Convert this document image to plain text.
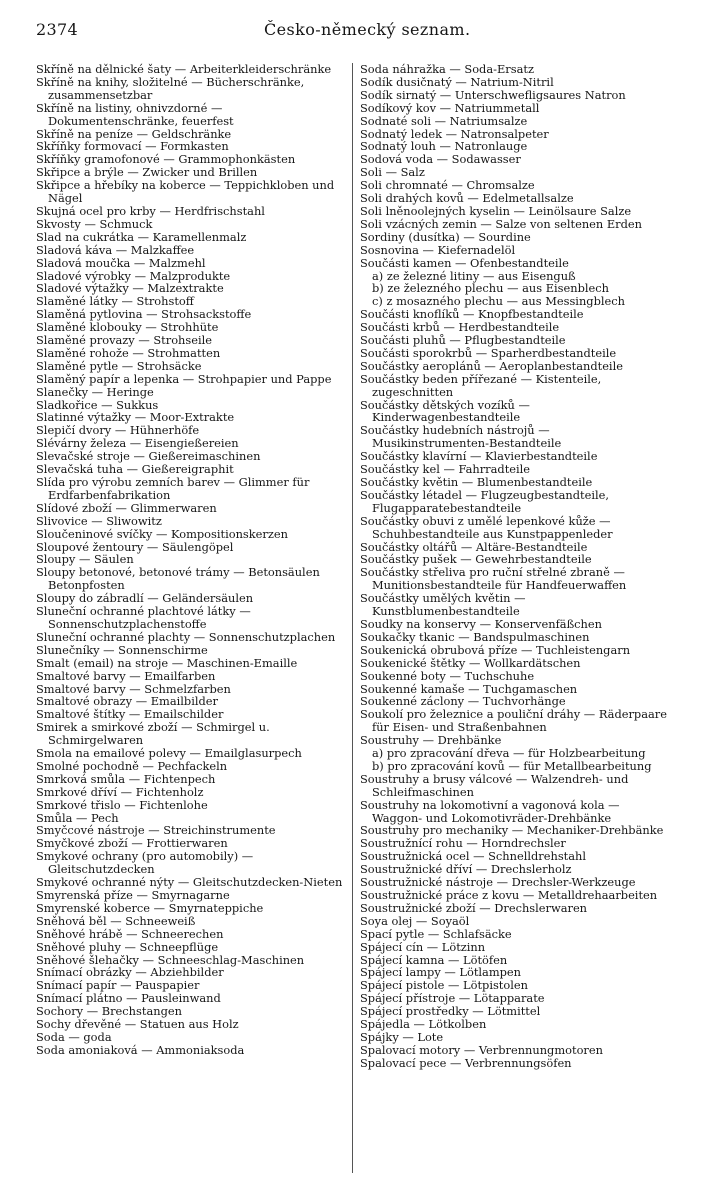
2374	Česko-německý seznam.

Skříně na dělnické šaty — Arbeiterkleiderschränke

Skříně na knihy, složitelné — Bücherschränke, zusammensetzbar

Skříně na listiny, ohnivzdorné — Dokumentenschränke, feuerfest

Skříně na peníze — Geldschränke

Skříňky formovací — Formkasten

Skříňky gramofonové — Grammophonkästen

Skřipce a brýle — Zwicker und Brillen

Skřipce a hřebíky na koberce — Teppichkloben und Nägel

Skujná ocel pro krby — Herdfrischstahl

Skvosty — Schmuck

Slad na cukrátka — Karamellenmalz

Sladová káva — Malzkaffee

Sladová moučka — Malzmehl

Sladové výrobky — Malzprodukte

Sladové výtažky — Malzextrakte

Slaměné látky — Strohstoff

Slaměná pytlovina — Strohsackstoffe

Slaměné klobouky — Strohhüte

Slaměné provazy — Strohseile

Slaměné rohože — Strohmatten

Slaměné pytle — Strohsäcke

Slaměný papír a lepenka — Strohpapier und Pappe

Slanečky — Heringe

Sladkořice — Sukkus

Slatinné výtažky — Moor-Extrakte

Slepičí dvory — Hühnerhöfe

Slévárny železa — Eisengießereien

Slevačské stroje — Gießereimaschinen

Slevačská tuha — Gießereigraphit

Slída pro výrobu zemních barev — Glimmer für Erdfarbenfabrikation

Slídové zboží — Glimmerwaren

Slivovice — Sliwowitz

Sloučeninové svíčky — Kompositionskerzen

Sloupové žentoury — Säulengöpel

Sloupy — Säulen

Sloupy betonové, betonové trámy — Betonsäulen Betonpfosten

Sloupy do zábradlí — Geländersäulen

Sluneční ochranné plachtové látky — Sonnenschutzplachenstoffe

Sluneční ochranné plachty — Sonnenschutzplachen

Slunečníky — Sonnenschirme

Smalt (email) na stroje — Maschinen-Emaille

Smaltové barvy — Emailfarben

Smaltové barvy — Schmelzfarben

Smaltové obrazy — Emailbilder

Smaltové štítky — Emailschilder

Smirek a smirkové zboží — Schmirgel u. Schmirgelwaren

Smola na emailové polevy — Emailglasurpech

Smolné pochodně — Pechfackeln

Smrková smůla — Fichtenpech

Smrkové dříví — Fichtenholz

Smrkové třislo — Fichtenlohe

Smůla — Pech

Smyčcové nástroje — Streichinstrumente

Smyčkové zboží — Frottierwaren

Smykové ochrany (pro automobily) — Gleitschutzdecken

Smykové ochranné nýty — Gleitschutzdecken-Nieten

Smyrenská příze — Smyrnagarne

Smyrenské koberce — Smyrnateppiche

Sněhová běl — Schneeweiß

Sněhové hrábě — Schneerechen

Sněhové pluhy — Schneepflüge

Sněhové šlehačky — Schneeschlag-Maschinen

Snímací obrázky — Abziehbilder

Snímací papír — Pauspapier

Snímací plátno — Pausleinwand

Sochory — Brechstangen

Sochy dřevěné — Statuen aus Holz

Soda — goda

Soda amoniaková — Ammoniaksoda

Soda náhražka — Soda-Ersatz

Sodík dusičnatý — Natrium-Nitril

Sodík sirnatý — Unterschwefligsaures Natron

Sodíkový kov — Natriummetall

Sodnaté soli — Natriumsalze

Sodnatý ledek — Natronsalpeter

Sodnatý louh — Natronlauge

Sodová voda — Sodawasser

Soli — Salz

Soli chromnaté — Chromsalze

Soli drahých kovů — Edelmetallsalze

Soli lněnoolejných kyselin — Leinölsaure Salze

Soli vzácných zemin — Salze von seltenen Erden

Sordiny (dusítka) — Sourdine

Sosnovina — Kiefernadelöl

Součásti kamen — Ofenbestandteile

a) ze železné litiny — aus Eisenguß

b) ze železného plechu — aus Eisenblech

c) z mosazného plechu — aus Messingblech

Součásti knoflíků — Knopfbestandteile

Součásti krbů — Herdbestandteile

Součásti pluhů — Pflugbestandteile

Součásti sporokrbů — Sparherdbestandteile

Součástky aeroplánů — Aeroplanbestandteile

Součástky beden přířezané — Kistenteile, zugeschnitten

Součástky dětských vozíků — Kinderwagenbestandteile

Součástky hudebních nástrojů — Musikinstrumenten-Bestandteile

Součástky klavírní — Klavierbestandteile

Součástky kel — Fahrradteile

Součástky květin — Blumenbestandteile

Součástky létadel — Flugzeugbestandteile, Flugapparatebestandteile

Součástky obuvi z umělé lepenkové kůže — Schuhbestandteile aus Kunstpappenleder

Součástky oltářů — Altäre-Bestandteile

Součástky pušek — Gewehrbestandteile

Součástky střeliva pro ruční střelné zbraně — Munitionsbestandteile für Handfeuerwaffen

Součástky umělých květin — Kunstblumenbestandteile

Soudky na konservy — Konservenfäßchen

Soukačky tkanic — Bandspulmaschinen

Soukenická obrubová příze — Tuchleistengarn

Soukenické štětky — Wollkardätschen

Soukenné boty — Tuchschuhe

Soukenné kamaše — Tuchgamaschen

Soukenné záclony — Tuchvorhänge

Soukolí pro železnice a pouliční dráhy — Räderpaare für Eisen- und Straßenbahnen

Soustruhy — Drehbänke

a) pro zpracování dřeva — für Holzbearbeitung

b) pro zpracování kovů — für Metallbearbeitung

Soustruhy a brusy válcové — Walzendreh- und Schleifmaschinen

Soustruhy na lokomotivní a vagonová kola — Waggon- und Lokomotivräder-Drehbänke

Soustruhy pro mechaniky — Mechaniker-Drehbänke

Soustružnící rohu — Horndrechsler

Soustružnická ocel — Schnelldrehstahl

Soustružnické dříví — Drechslerholz

Soustružnické nástroje — Drechsler-Werkzeuge

Soustružnické práce z kovu — Metalldrehaarbeiten

Soustružnické zboží — Drechslerwaren

Soya olej — Soyaöl

Spací pytle — Schlafsäcke

Spájecí cín — Lötzinn

Spájecí kamna — Lötöfen

Spájecí lampy — Lötlampen

Spájecí pistole — Lötpistolen

Spájecí přístroje — Lötapparate

Spájecí prostředky — Lötmittel

Spájedla — Lötkolben

Spájky — Lote

Spalovací motory — Verbrennungmotoren

Spalovací pece — Verbrennungsöfen
